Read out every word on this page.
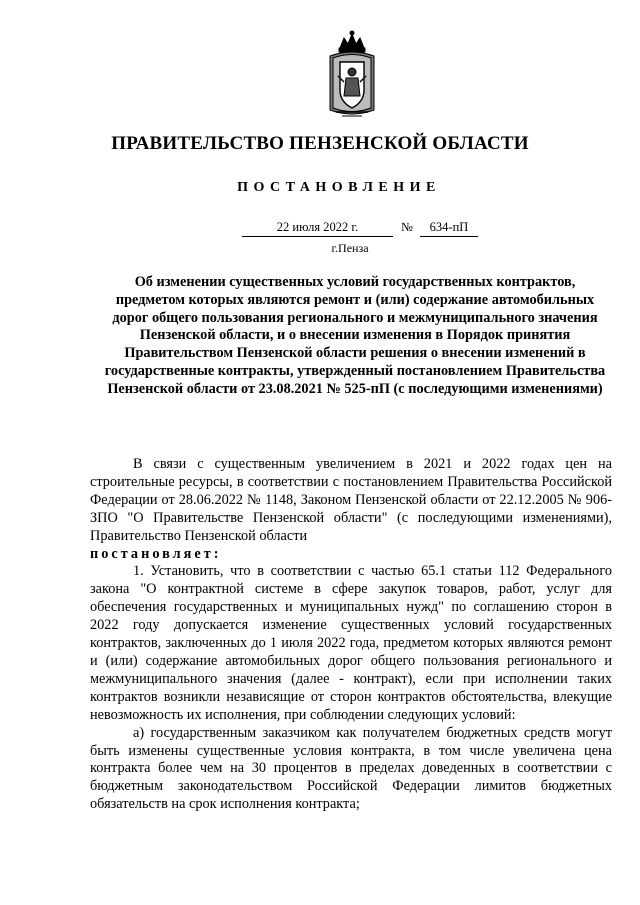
ПРАВИТЕЛЬСТВО ПЕНЗЕНСКОЙ ОБЛАСТИ
ПОСТАНОВЛЕНИЕ
22 июля 2022 г.	№	634-пП
г.Пенза
Об изменении существенных условий государственных контрактов, предметом которых являются ремонт и (или) содержание автомобильных дорог общего пользования регионального и межмуниципального значения Пензенской области, и о внесении изменения в Порядок принятия Правительством Пензенской области решения о внесении изменений в государственные контракты, утвержденный постановлением Правительства Пензенской области от 23.08.2021 № 525-пП (с последующими изменениями)

В связи с существенным увеличением в 2021 и 2022 годах цен на строительные ресурсы, в соответствии с постановлением Правительства Российской Федерации от 28.06.2022 № 1148, Законом Пензенской области от 22.12.2005 № 906-ЗПО "О Правительстве Пензенской области" (с последующими изменениями), Правительство Пензенской области

постановляет:

1. Установить, что в соответствии с частью 65.1 статьи 112 Федерального закона "О контрактной системе в сфере закупок товаров, работ, услуг для обеспечения государственных и муниципальных нужд" по соглашению сторон в 2022 году допускается изменение существенных условий государственных контрактов, заключенных до 1 июля 2022 года, предметом которых являются ремонт и (или) содержание автомобильных дорог общего пользования регионального и межмуниципального значения (далее - контракт), если при исполнении таких контрактов возникли независящие от сторон контрактов обстоятельства, влекущие невозможность их исполнения, при соблюдении следующих условий:

а) государственным заказчиком как получателем бюджетных средств могут быть изменены существенные условия контракта, в том числе увеличена цена контракта более чем на 30 процентов в пределах доведенных в соответствии с бюджетным законодательством Российской Федерации лимитов бюджетных обязательств на срок исполнения контракта;
